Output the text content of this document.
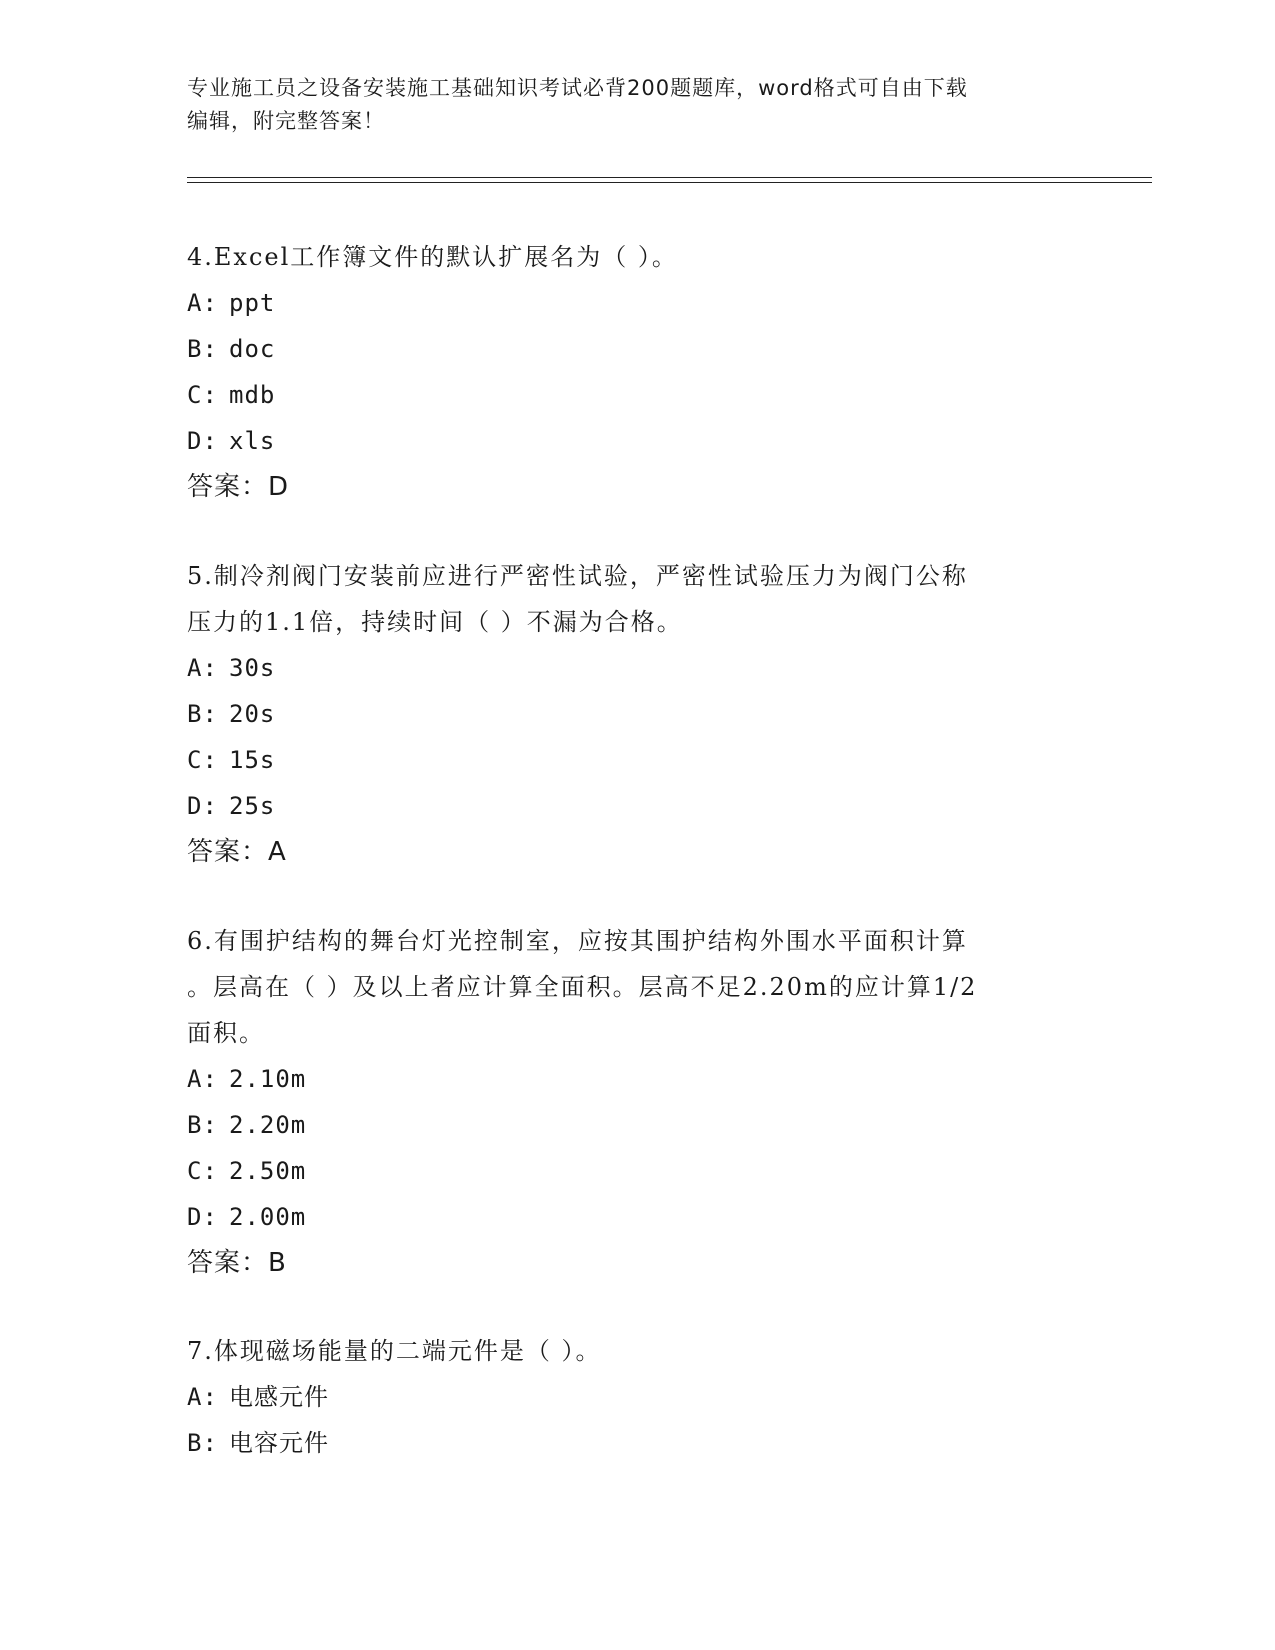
专业施工员之设备安装施工基础知识考试必背200题题库，word格式可自由下载
编辑，附完整答案！
4.Excel工作簿文件的默认扩展名为（ ）。
A: ppt
B: doc
C: mdb
D: xls
答案：D
5.制冷剂阀门安装前应进行严密性试验，严密性试验压力为阀门公称
压力的1.1倍，持续时间（ ）不漏为合格。
A: 30s
B: 20s
C: 15s
D: 25s
答案：A
6.有围护结构的舞台灯光控制室，应按其围护结构外围水平面积计算
。层高在（ ）及以上者应计算全面积。层高不足2.20m的应计算1/2
面积。
A: 2.10m
B: 2.20m
C: 2.50m
D: 2.00m
答案：B
7.体现磁场能量的二端元件是（ ）。
A: 电感元件
B: 电容元件
